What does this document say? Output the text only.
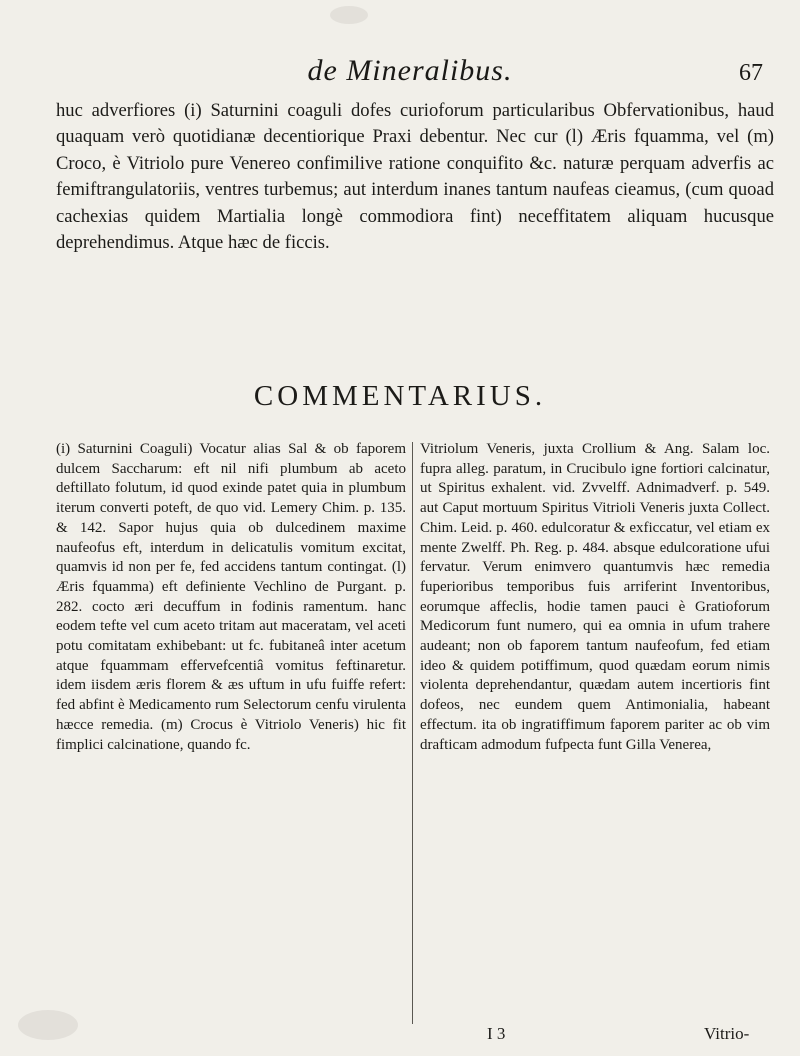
de Mineralibus.	67

huc adverfiores (i) Saturnini coaguli dofes curioforum particularibus Obfervationibus, haud quaquam verò quotidianæ decentiorique Praxi debentur. Nec cur (l) Æris fquamma, vel (m) Croco, è Vitriolo pure Venereo confimilive ratione conquifito &c. naturæ perquam adverfis ac femiftrangulatoriis, ventres turbemus; aut interdum inanes tantum naufeas cieamus, (cum quoad cachexias quidem Martialia longè commodiora fint) neceffitatem aliquam hucusque deprehendimus. Atque hæc de ficcis.

COMMENTARIUS.

(i) Saturnini Coaguli) Vocatur alias Sal & ob faporem dulcem Saccharum: eft nil nifi plumbum ab aceto deftillato folutum, id quod exinde patet quia in plumbum iterum converti poteft, de quo vid. Lemery Chim. p. 135. & 142. Sapor hujus quia ob dulcedinem maxime naufeofus eft, interdum in delicatulis vomitum excitat, quamvis id non per fe, fed accidens tantum contingat. (l) Æris fquamma) eft definiente Vechlino de Purgant. p. 282. cocto æri decuffum in fodinis ramentum. hanc eodem tefte vel cum aceto tritam aut maceratam, vel aceti potu comitatam exhibebant: ut fc. fubitaneâ inter acetum atque fquammam effervefcentiâ vomitus feftinaretur. idem iisdem æris florem & æs uftum in ufu fuiffe refert: fed abfint è Medicamento rum Selectorum cenfu virulenta hæcce remedia. (m) Crocus è Vitriolo Veneris) hic fit fimplici calcinatione, quando fc.

Vitriolum Veneris, juxta Crollium & Ang. Salam loc. fupra alleg. paratum, in Crucibulo igne fortiori calcinatur, ut Spiritus exhalent. vid. Zvvelff. Adnimadverf. p. 549. aut Caput mortuum Spiritus Vitrioli Veneris juxta Collect. Chim. Leid. p. 460. edulcoratur & exficcatur, vel etiam ex mente Zwelff. Ph. Reg. p. 484. absque edulcoratione ufui fervatur. Verum enimvero quantumvis hæc remedia fuperioribus temporibus fuis arriferint Inventoribus, eorumque affeclis, hodie tamen pauci è Gratioforum Medicorum funt numero, qui ea omnia in ufum trahere audeant; non ob faporem tantum naufeofum, fed etiam ideo & quidem potiffimum, quod quædam eorum nimis violenta deprehendantur, quædam autem incertioris fint dofeos, nec eundem quem Antimonialia, habeant effectum. ita ob ingratiffimum faporem pariter ac ob vim drafticam admodum fufpecta funt Gilla Venerea,

I 3	Vitrio-
